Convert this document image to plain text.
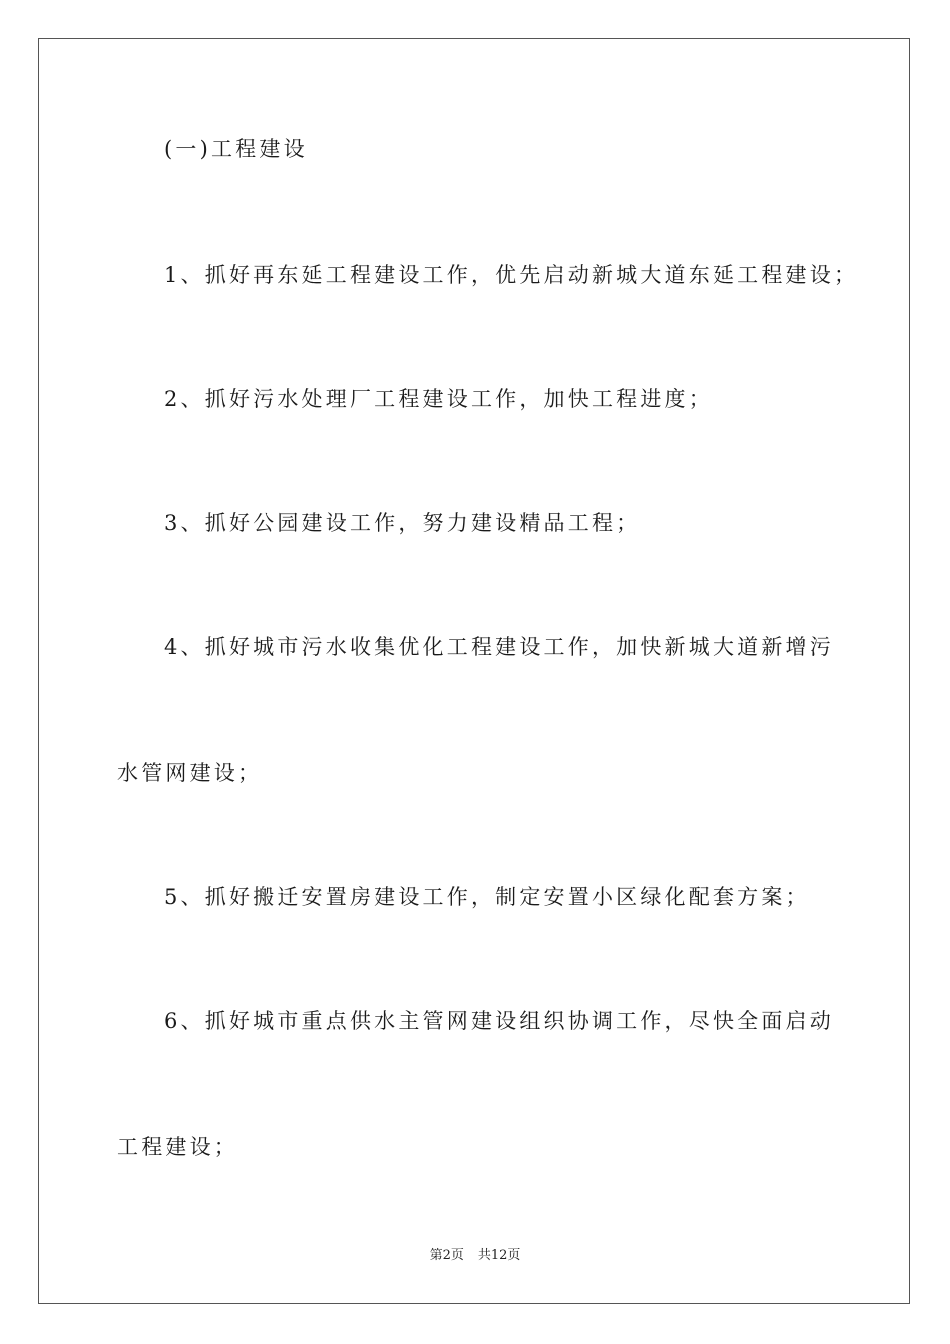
(一)工程建设
1、抓好再东延工程建设工作，优先启动新城大道东延工程建设；
2、抓好污水处理厂工程建设工作，加快工程进度；
3、抓好公园建设工作，努力建设精品工程；
4、抓好城市污水收集优化工程建设工作，加快新城大道新增污
水管网建设；
5、抓好搬迁安置房建设工作，制定安置小区绿化配套方案；
6、抓好城市重点供水主管网建设组织协调工作，尽快全面启动
工程建设；
第2页 共12页
